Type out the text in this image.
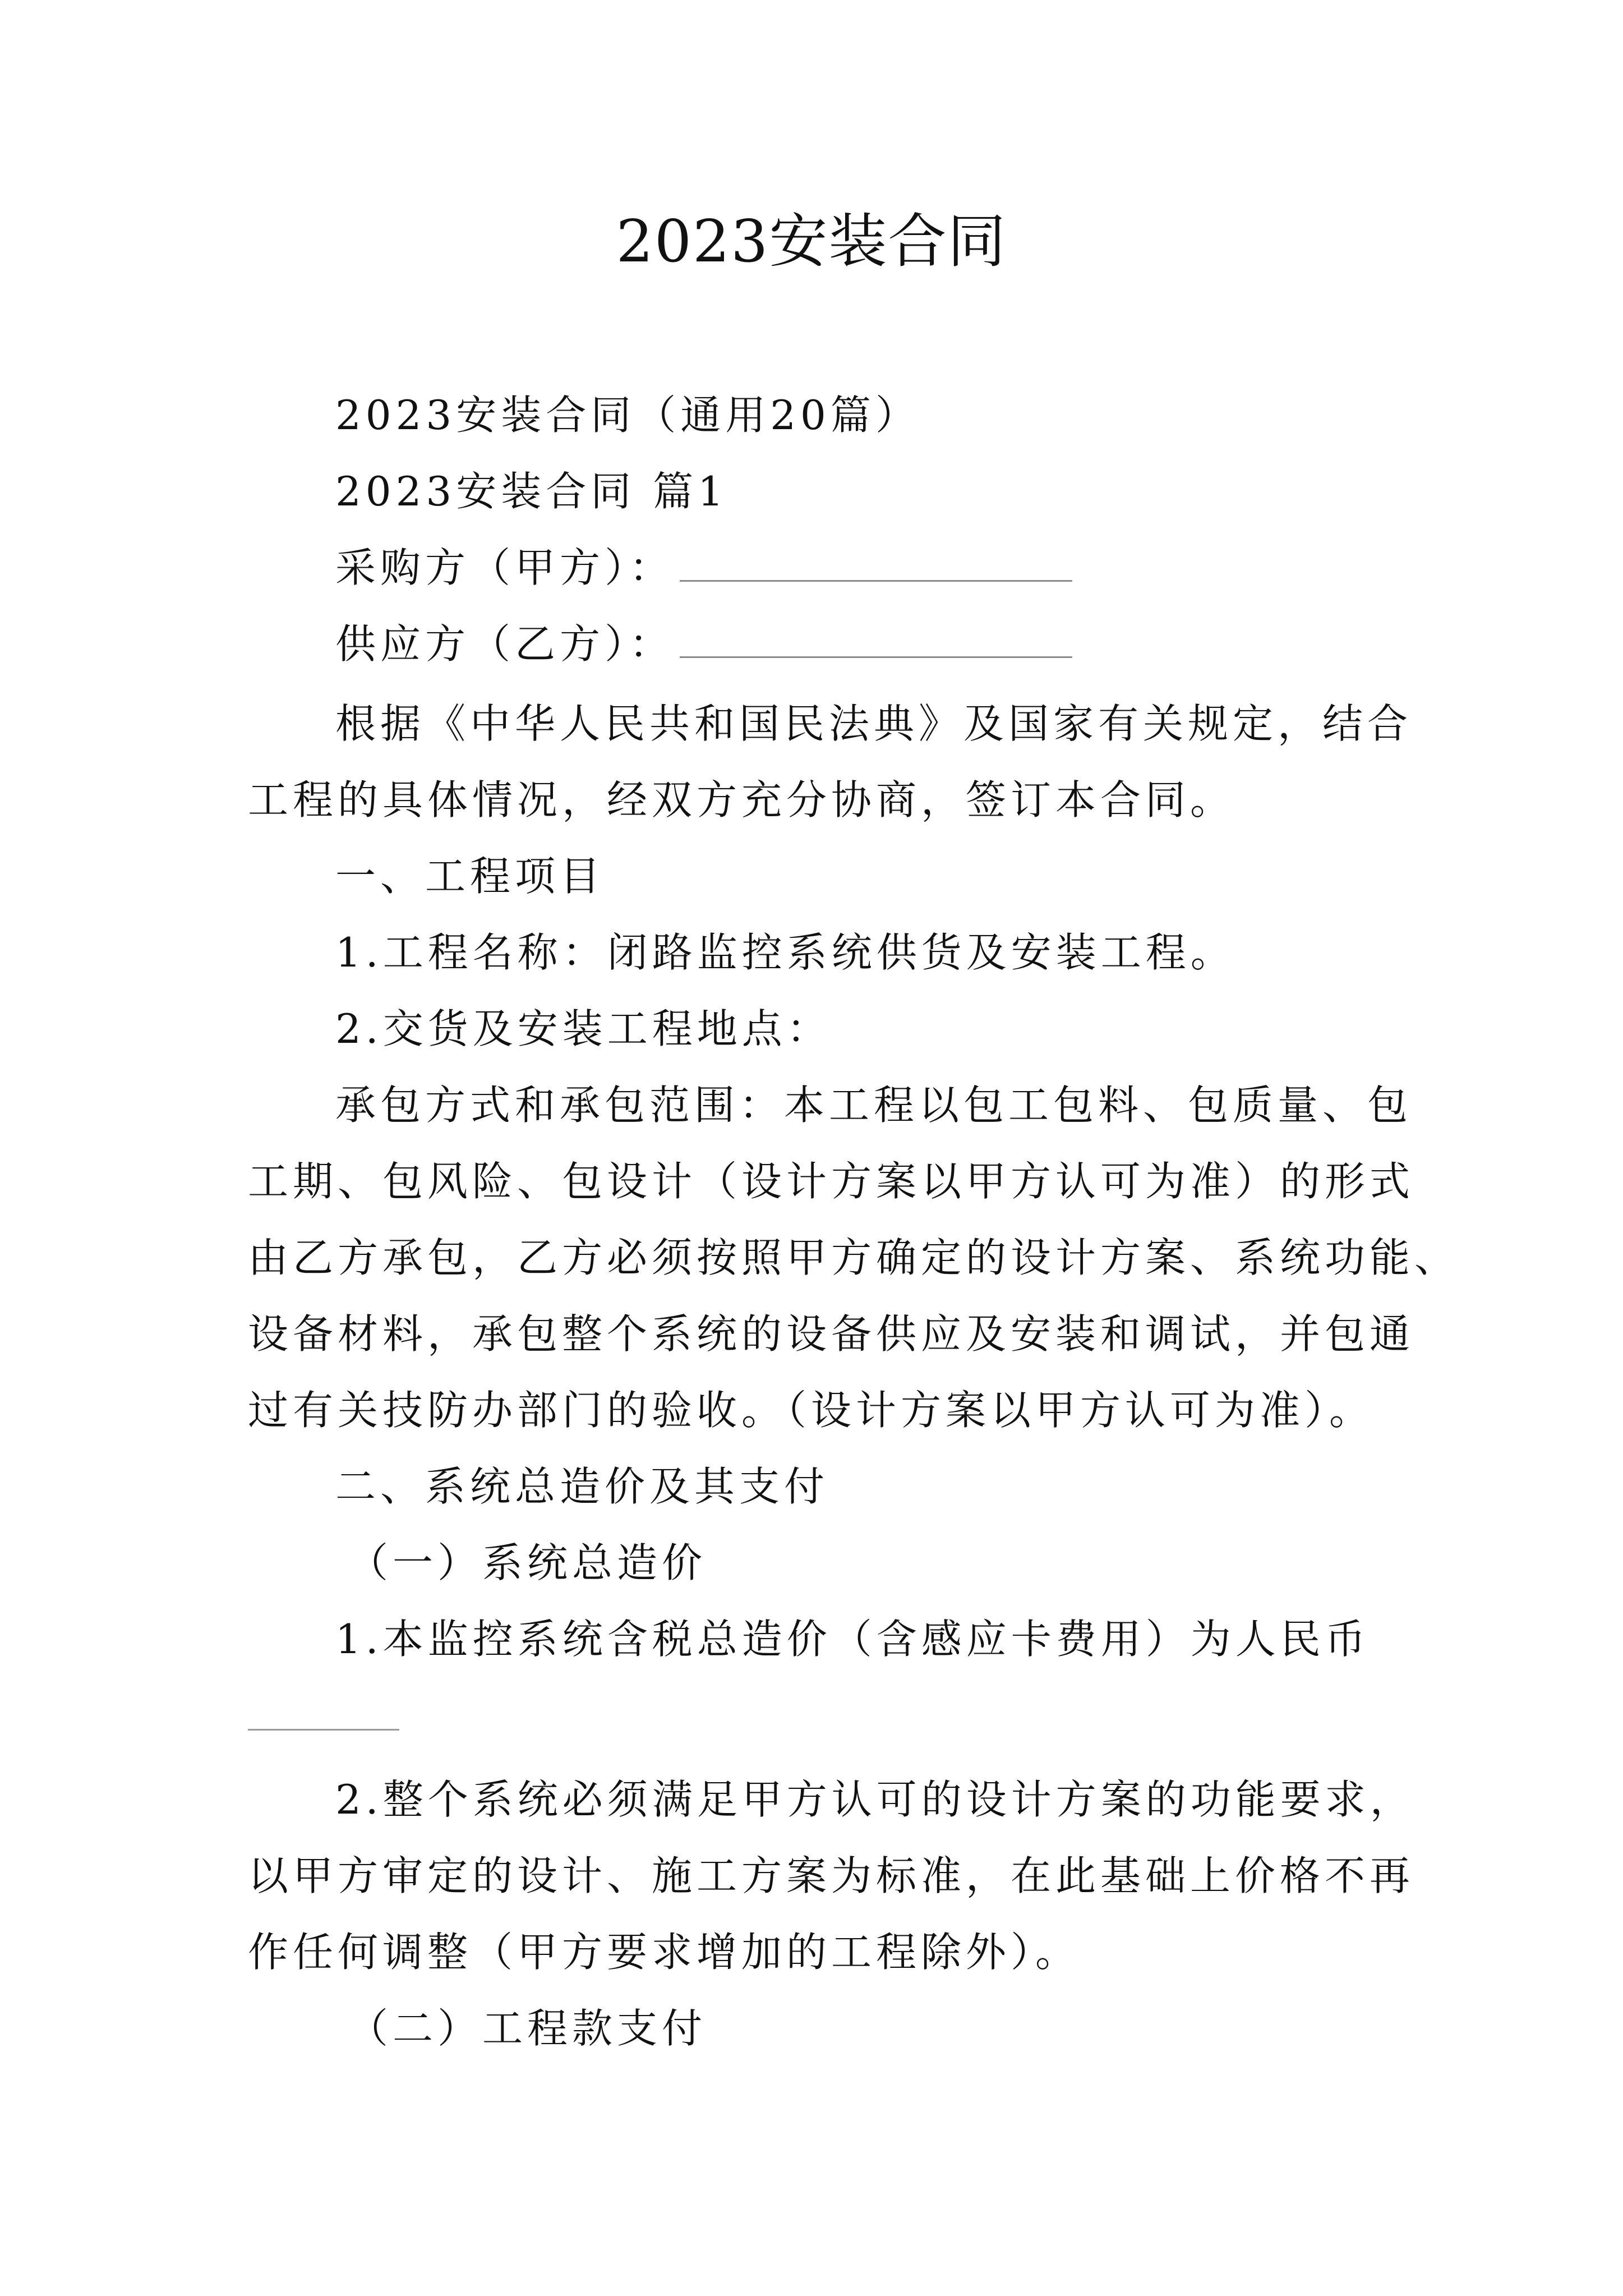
2023安装合同
2023安装合同（通用20篇）
2023安装合同 篇1
采购方（甲方）：
供应方（乙方）：
根据《中华人民共和国民法典》及国家有关规定，结合
工程的具体情况，经双方充分协商，签订本合同。
一、工程项目
1.工程名称：闭路监控系统供货及安装工程。
2.交货及安装工程地点：
承包方式和承包范围：本工程以包工包料、包质量、包
工期、包风险、包设计（设计方案以甲方认可为准）的形式
由乙方承包，乙方必须按照甲方确定的设计方案、系统功能、
设备材料，承包整个系统的设备供应及安装和调试，并包通
过有关技防办部门的验收。（设计方案以甲方认可为准）。
二、系统总造价及其支付
（一）系统总造价
1.本监控系统含税总造价（含感应卡费用）为人民币
2.整个系统必须满足甲方认可的设计方案的功能要求，
以甲方审定的设计、施工方案为标准，在此基础上价格不再
作任何调整（甲方要求增加的工程除外）。
（二）工程款支付
